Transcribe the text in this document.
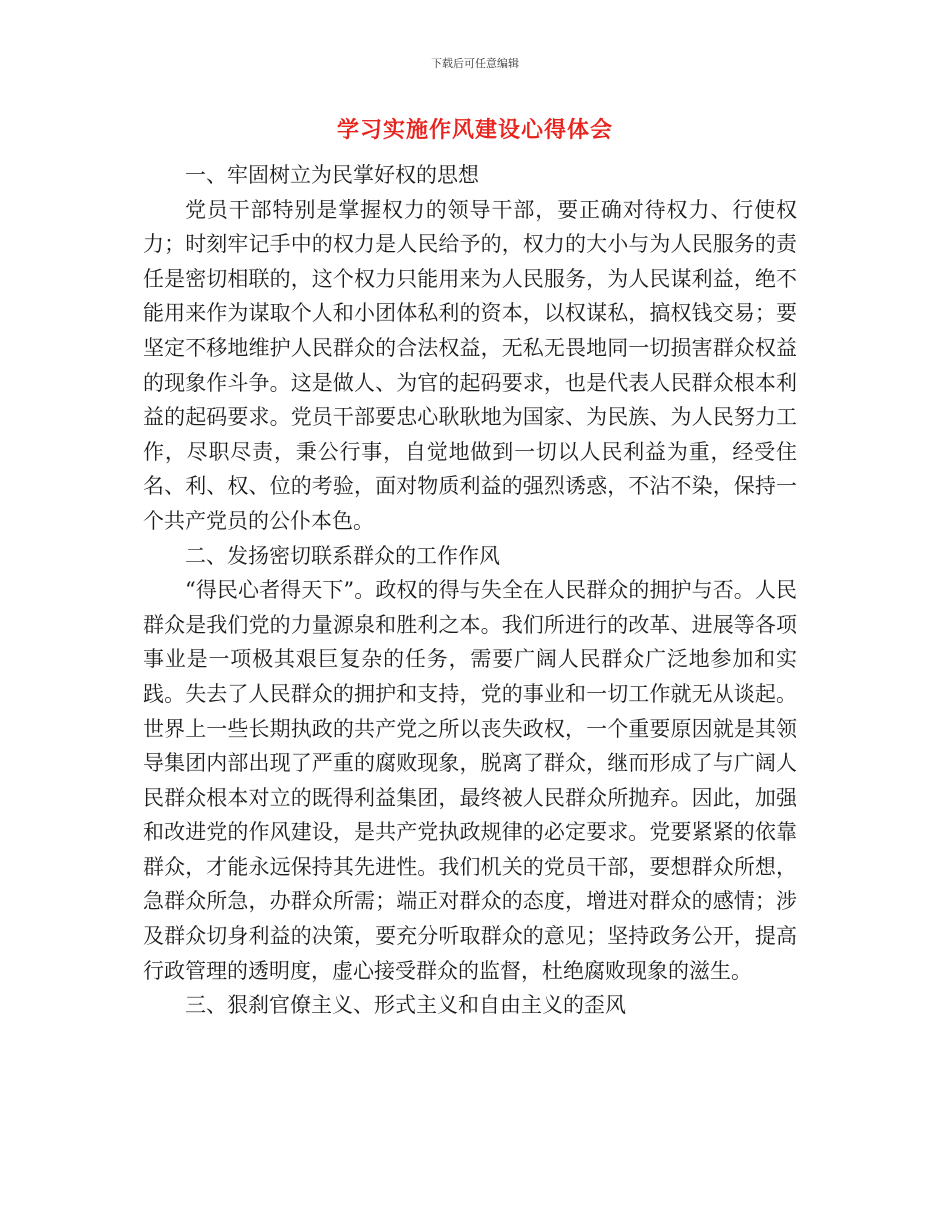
下载后可任意编辑
学习实施作风建设心得体会

一、牢固树立为民掌好权的思想

党员干部特别是掌握权力的领导干部，要正确对待权力、行使权力；时刻牢记手中的权力是人民给予的，权力的大小与为人民服务的责任是密切相联的，这个权力只能用来为人民服务，为人民谋利益，绝不能用来作为谋取个人和小团体私利的资本，以权谋私，搞权钱交易；要坚定不移地维护人民群众的合法权益，无私无畏地同一切损害群众权益的现象作斗争。这是做人、为官的起码要求，也是代表人民群众根本利益的起码要求。党员干部要忠心耿耿地为国家、为民族、为人民努力工作，尽职尽责，秉公行事，自觉地做到一切以人民利益为重，经受住名、利、权、位的考验，面对物质利益的强烈诱惑，不沾不染，保持一个共产党员的公仆本色。

二、发扬密切联系群众的工作作风

“得民心者得天下”。政权的得与失全在人民群众的拥护与否。人民群众是我们党的力量源泉和胜利之本。我们所进行的改革、进展等各项事业是一项极其艰巨复杂的任务，需要广阔人民群众广泛地参加和实践。失去了人民群众的拥护和支持，党的事业和一切工作就无从谈起。世界上一些长期执政的共产党之所以丧失政权，一个重要原因就是其领导集团内部出现了严重的腐败现象，脱离了群众，继而形成了与广阔人民群众根本对立的既得利益集团，最终被人民群众所抛弃。因此，加强和改进党的作风建设，是共产党执政规律的必定要求。党要紧紧的依靠群众，才能永远保持其先进性。我们机关的党员干部，要想群众所想，急群众所急，办群众所需；端正对群众的态度，增进对群众的感情；涉及群众切身利益的决策，要充分听取群众的意见；坚持政务公开，提高行政管理的透明度，虚心接受群众的监督，杜绝腐败现象的滋生。

三、狠刹官僚主义、形式主义和自由主义的歪风
